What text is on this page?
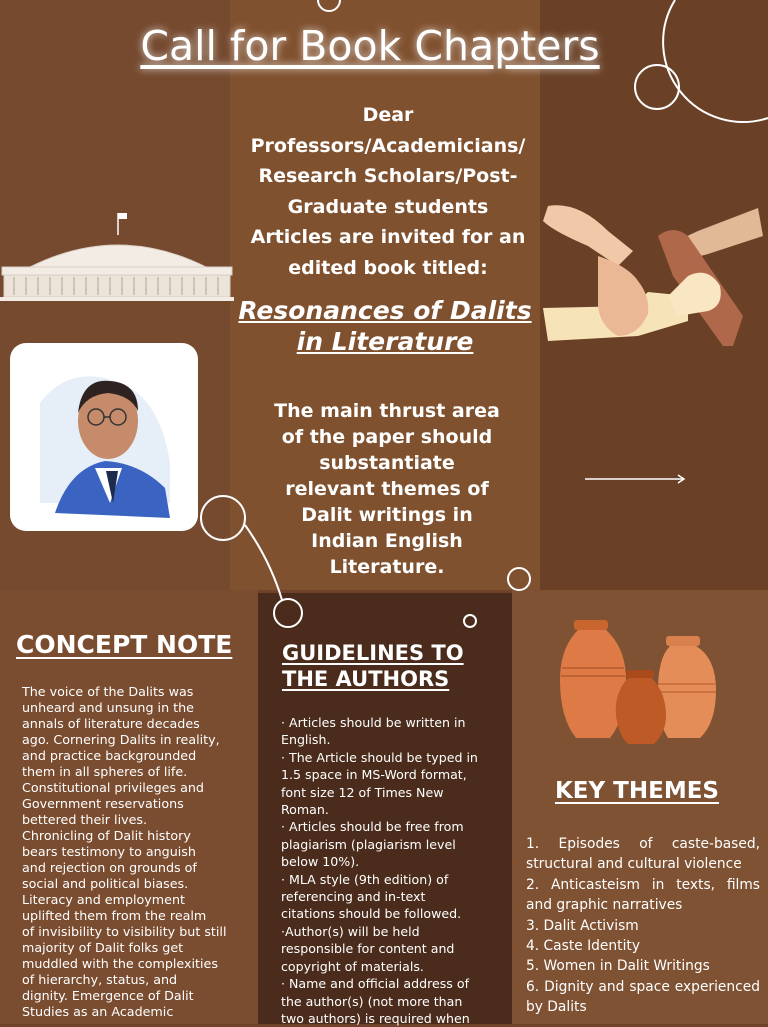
Call for Book Chapters
Dear
Professors/Academicians/
Research Scholars/Post-
Graduate students
Articles are invited for an
edited book titled:
Resonances of Dalits
in Literature
The main thrust area
of the paper should
substantiate
relevant themes of
Dalit writings in
Indian English
Literature.
CONCEPT NOTE
The voice of the Dalits was
unheard and unsung in the
annals of literature decades
ago. Cornering Dalits in reality,
and practice backgrounded
them in all spheres of life.
Constitutional privileges and
Government reservations
bettered their lives.
Chronicling of Dalit history
bears testimony to anguish
and rejection on grounds of
social and political biases.
Literacy and employment
uplifted them from the realm
of invisibility to visibility but still
majority of Dalit folks get
muddled with the complexities
of hierarchy, status, and
dignity. Emergence of Dalit
Studies as an Academic
GUIDELINES TO
THE AUTHORS
· Articles should be written in
English.
· The Article should be typed in
1.5 space in MS-Word format,
font size 12 of Times New
Roman.
· Articles should be free from
plagiarism (plagiarism level
below 10%).
· MLA style (9th edition) of
referencing and in-text
citations should be followed.
·Author(s) will be held
responsible for content and
copyright of materials.
· Name and official address of
the author(s) (not more than
two authors) is required when
KEY THEMES
1. Episodes of caste-based, structural and cultural violence
2. Anticasteism in texts, films and graphic narratives
3. Dalit Activism
4. Caste Identity
5. Women in Dalit Writings
6. Dignity and space experienced by Dalits
